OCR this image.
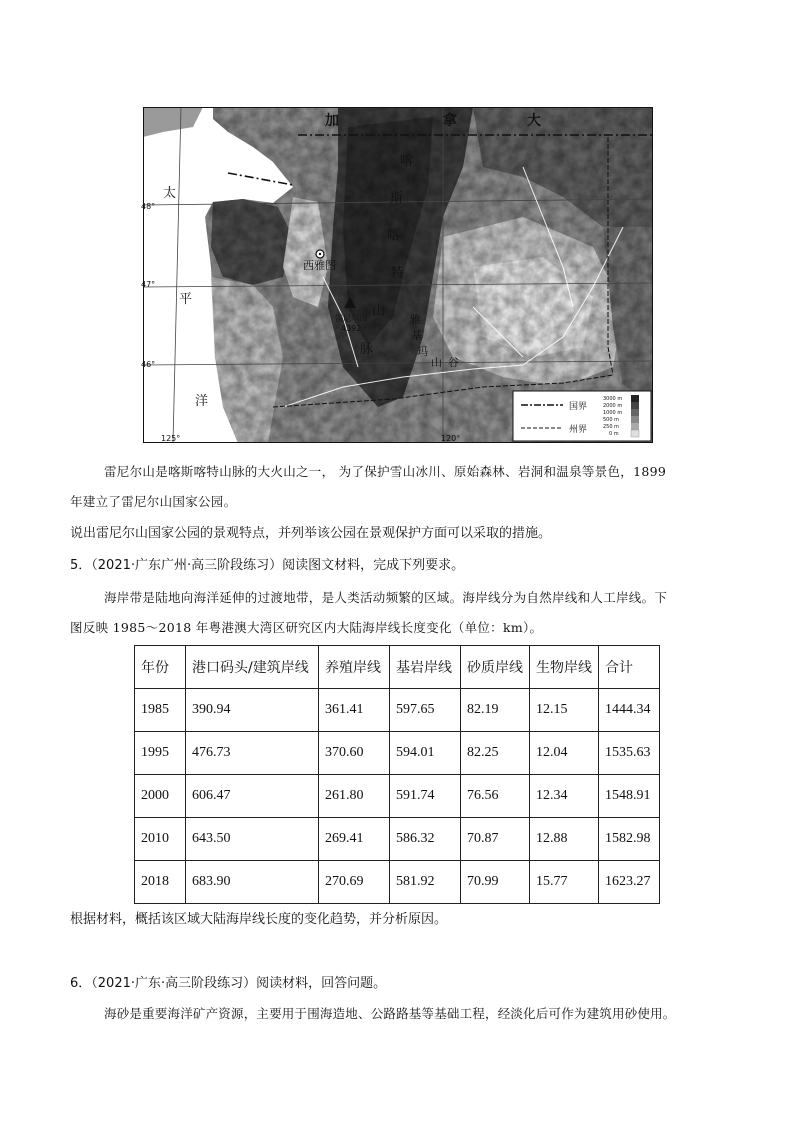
加	拿	大
太
平
洋
喀
斯
喀
特
山
脉
雅
基
玛
山 谷
西雅图
雷尼尔山
4392
48°
47°
46°
125°	120°
国界
州界
3000 m
2000 m
1000 m
500 m
250 m
0 m

雷尼尔山是喀斯喀特山脉的大火山之一， 为了保护雪山冰川、原始森林、岩洞和温泉等景色，1899

年建立了雷尼尔山国家公园。

说出雷尼尔山国家公园的景观特点，并列举该公园在景观保护方面可以采取的措施。

5．（2021·广东广州·高三阶段练习）阅读图文材料，完成下列要求。

海岸带是陆地向海洋延伸的过渡地带，是人类活动频繁的区域。海岸线分为自然岸线和人工岸线。下

图反映 1985～2018 年粤港澳大湾区研究区内大陆海岸线长度变化（单位：km）。

年份	港口码头/建筑岸线	养殖岸线	基岩岸线	砂质岸线	生物岸线	合计
1985	390.94	361.41	597.65	82.19	12.15	1444.34
1995	476.73	370.60	594.01	82.25	12.04	1535.63
2000	606.47	261.80	591.74	76.56	12.34	1548.91
2010	643.50	269.41	586.32	70.87	12.88	1582.98
2018	683.90	270.69	581.92	70.99	15.77	1623.27

根据材料，概括该区域大陆海岸线长度的变化趋势，并分析原因。

6．（2021·广东·高三阶段练习）阅读材料，回答问题。

海砂是重要海洋矿产资源，主要用于围海造地、公路路基等基础工程，经淡化后可作为建筑用砂使用。
